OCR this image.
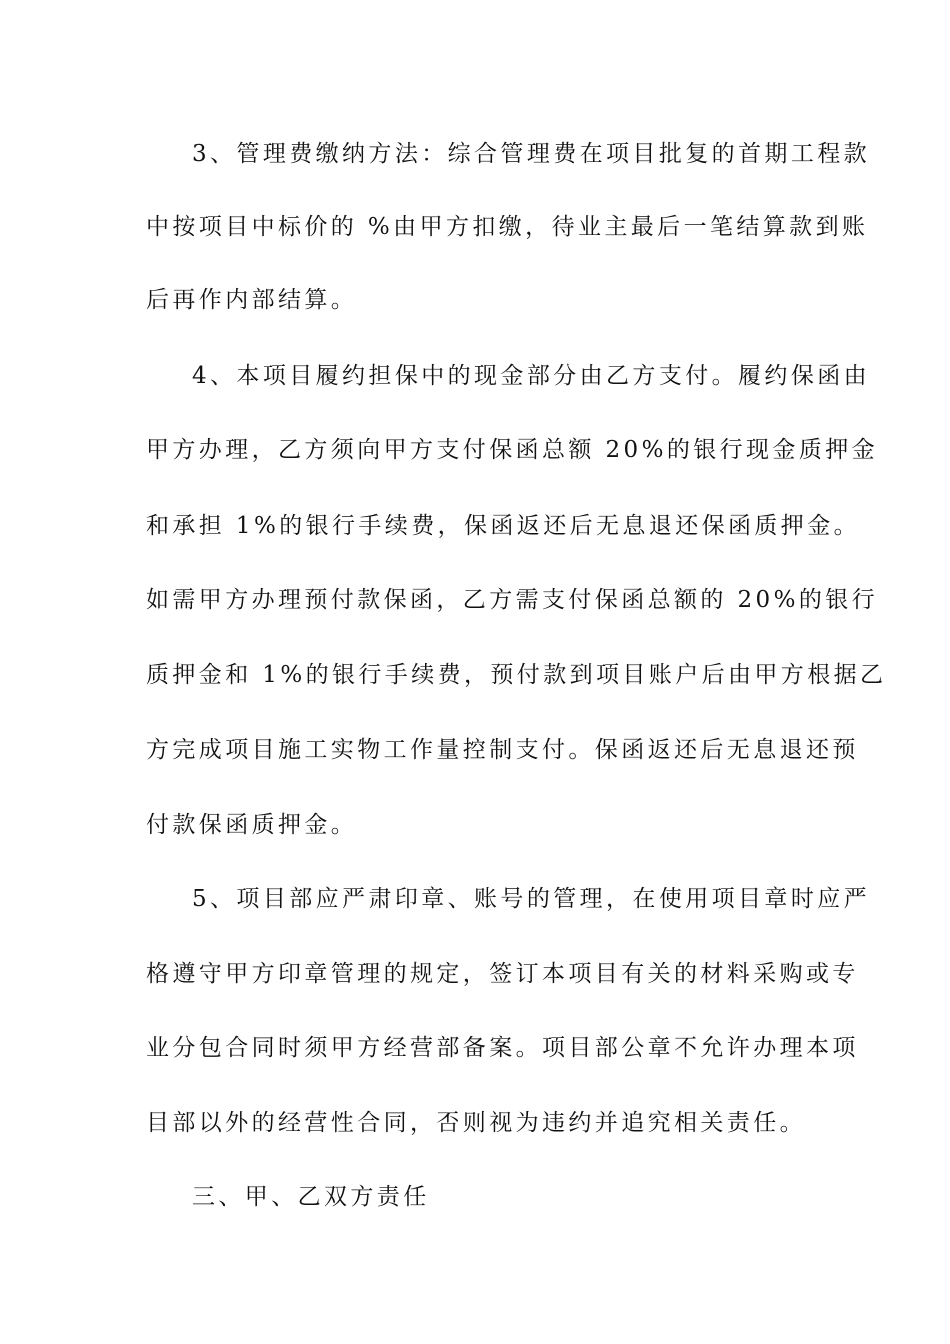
3、管理费缴纳方法：综合管理费在项目批复的首期工程款
中按项目中标价的 %由甲方扣缴，待业主最后一笔结算款到账
后再作内部结算。
4、本项目履约担保中的现金部分由乙方支付。履约保函由
甲方办理，乙方须向甲方支付保函总额 20%的银行现金质押金
和承担 1%的银行手续费，保函返还后无息退还保函质押金。
如需甲方办理预付款保函，乙方需支付保函总额的 20%的银行
质押金和 1%的银行手续费，预付款到项目账户后由甲方根据乙
方完成项目施工实物工作量控制支付。保函返还后无息退还预
付款保函质押金。
5、项目部应严肃印章、账号的管理，在使用项目章时应严
格遵守甲方印章管理的规定，签订本项目有关的材料采购或专
业分包合同时须甲方经营部备案。项目部公章不允许办理本项
目部以外的经营性合同，否则视为违约并追究相关责任。
三、甲、乙双方责任
